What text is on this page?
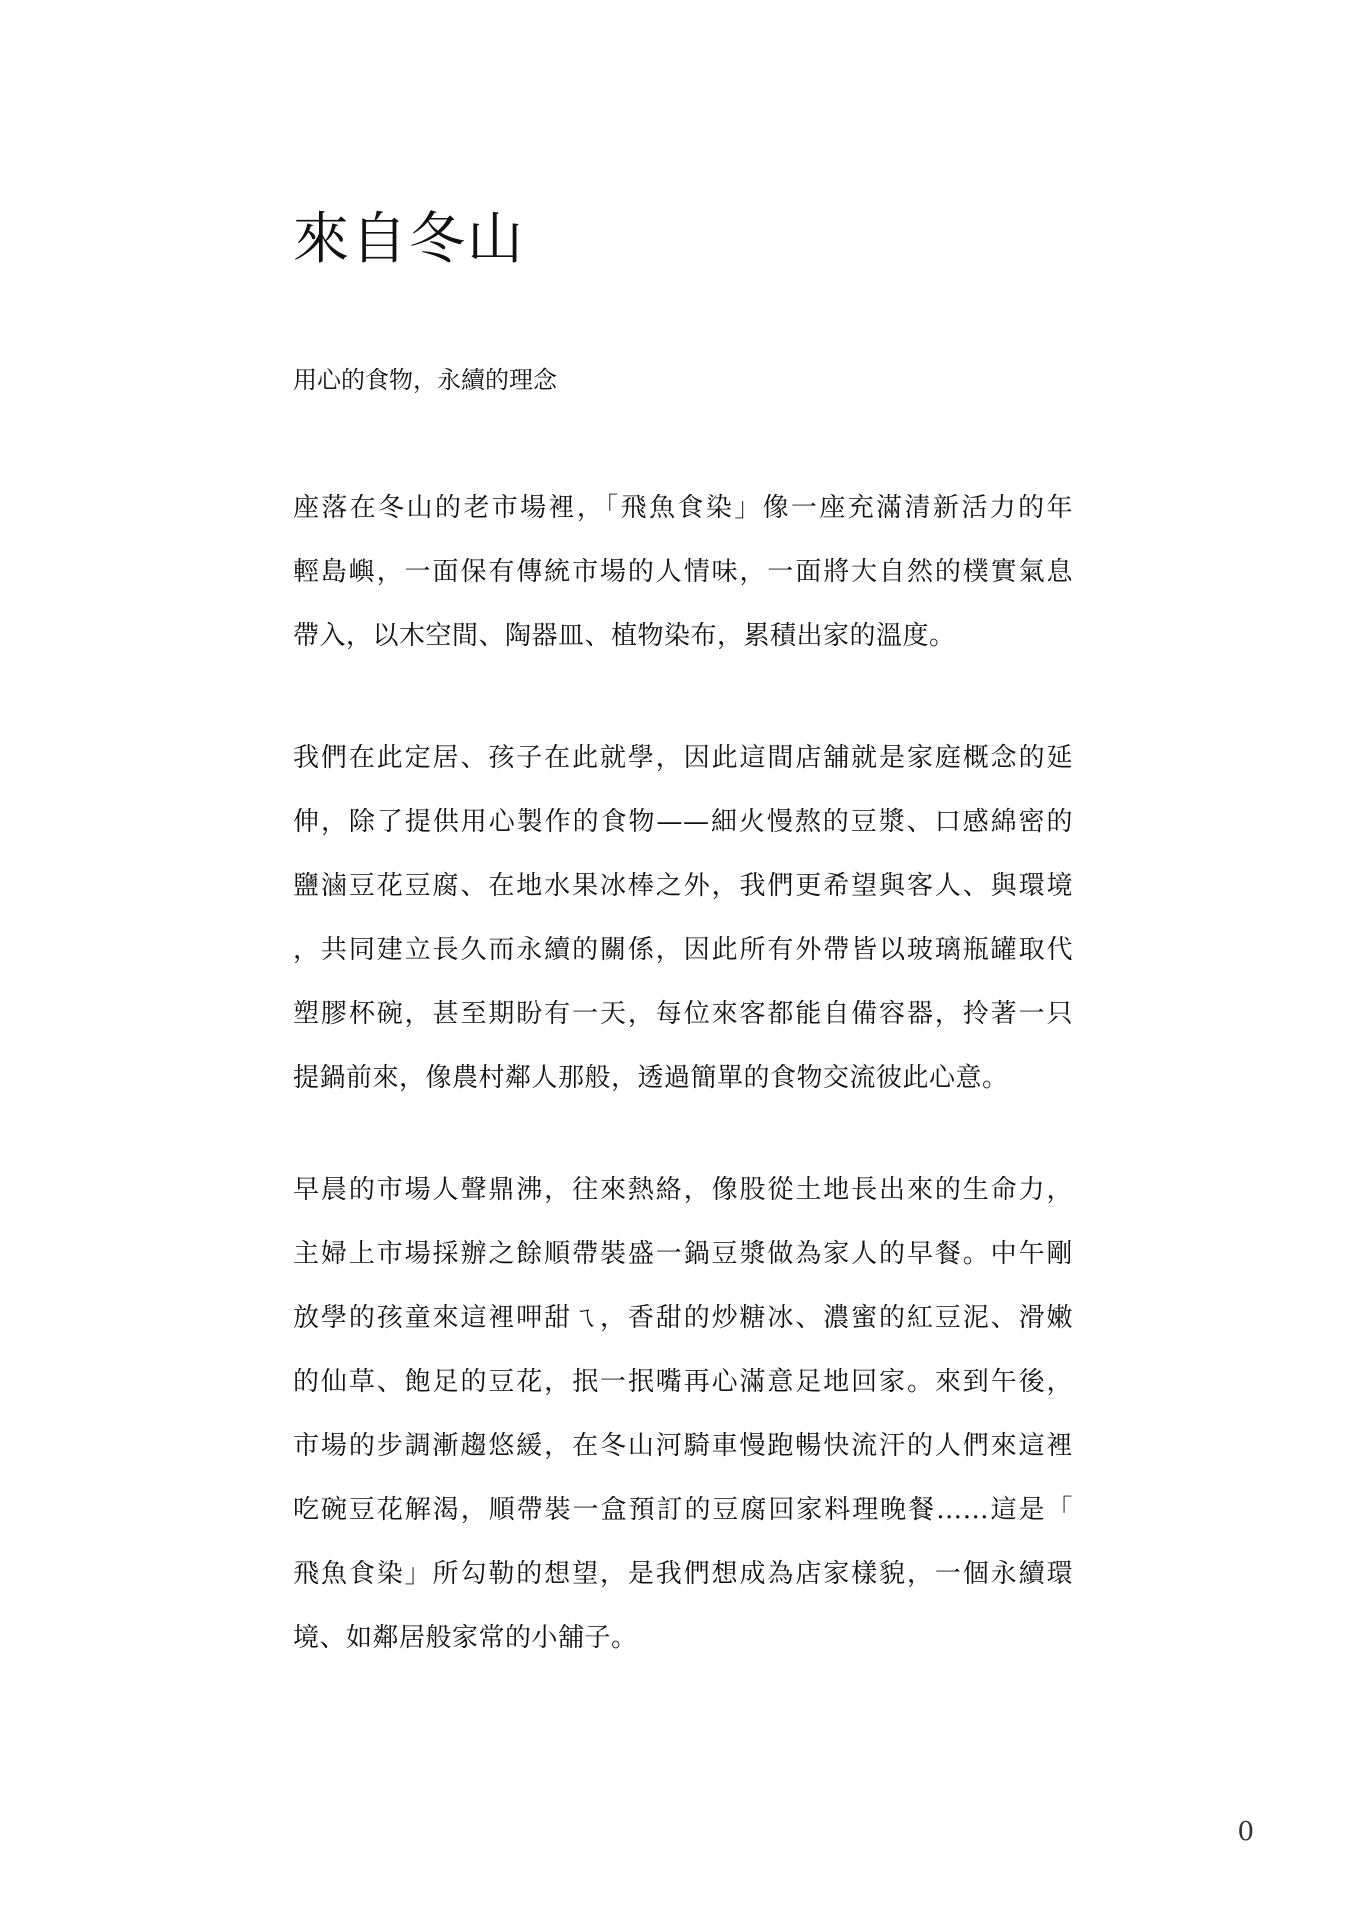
來自冬山

用心的食物，永續的理念

座落在冬山的老市場裡，「飛魚食染」像一座充滿清新活力的年
輕島嶼，一面保有傳統市場的人情味，一面將大自然的樸實氣息
帶入，以木空間、陶器皿、植物染布，累積出家的溫度。
我們在此定居、孩子在此就學，因此這間店舖就是家庭概念的延
伸，除了提供用心製作的食物——細火慢熬的豆漿、口感綿密的
鹽滷豆花豆腐、在地水果冰棒之外，我們更希望與客人、與環境
，共同建立長久而永續的關係，因此所有外帶皆以玻璃瓶罐取代
塑膠杯碗，甚至期盼有一天，每位來客都能自備容器，拎著一只
提鍋前來，像農村鄰人那般，透過簡單的食物交流彼此心意。
早晨的市場人聲鼎沸，往來熱絡，像股從土地長出來的生命力，
主婦上市場採辦之餘順帶裝盛一鍋豆漿做為家人的早餐。中午剛
放學的孩童來這裡呷甜ㄟ，香甜的炒糖冰、濃蜜的紅豆泥、滑嫩
的仙草、飽足的豆花，抿一抿嘴再心滿意足地回家。來到午後，
市場的步調漸趨悠緩，在冬山河騎車慢跑暢快流汗的人們來這裡
吃碗豆花解渴，順帶裝一盒預訂的豆腐回家料理晚餐……這是「
飛魚食染」所勾勒的想望，是我們想成為店家樣貌，一個永續環
境、如鄰居般家常的小舖子。
0
